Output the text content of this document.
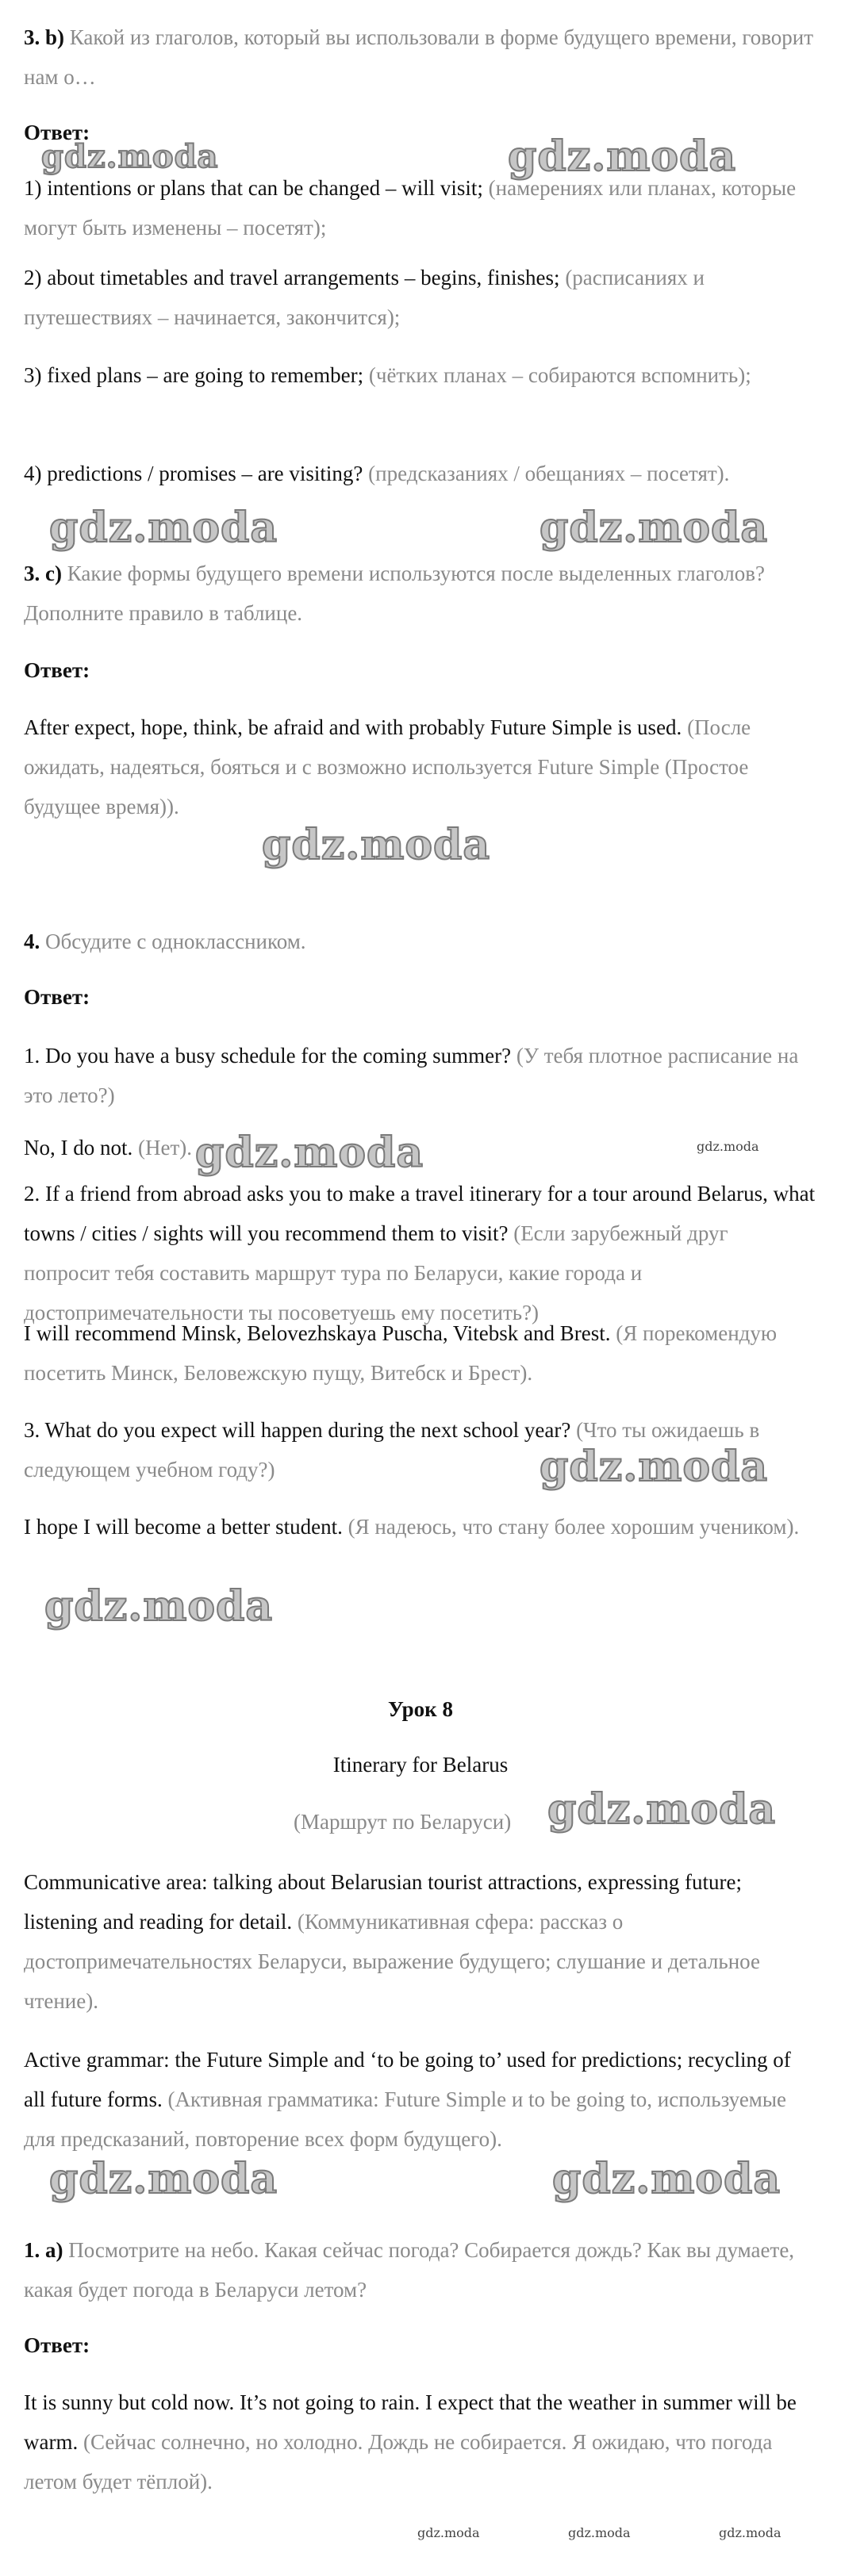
3. b) Какой из глаголов, который вы использовали в форме будущего времени, говорит нам о…

Ответ:

1) intentions or plans that can be changed – will visit; (намерениях или планах, которые могут быть изменены – посетят);

2) about timetables and travel arrangements – begins, finishes; (расписаниях и путешествиях – начинается, закончится);

3) fixed plans – are going to remember; (чётких планах – собираются вспомнить);

4) predictions / promises – are visiting? (предсказаниях / обещаниях – посетят).

3. c) Какие формы будущего времени используются после выделенных глаголов? Дополните правило в таблице.

Ответ:

After expect, hope, think, be afraid and with probably Future Simple is used. (После ожидать, надеяться, бояться и с возможно используется Future Simple (Простое будущее время)).

4. Обсудите с одноклассником.

Ответ:

1. Do you have a busy schedule for the coming summer? (У тебя плотное расписание на это лето?)

No, I do not. (Нет).

2. If a friend from abroad asks you to make a travel itinerary for a tour around Belarus, what towns / cities / sights will you recommend them to visit? (Если зарубежный друг попросит тебя составить маршрут тура по Беларуси, какие города и достопримечательности ты посоветуешь ему посетить?)

I will recommend Minsk, Belovezhskaya Puscha, Vitebsk and Brest. (Я порекомендую посетить Минск, Беловежскую пущу, Витебск и Брест).

3. What do you expect will happen during the next school year? (Что ты ожидаешь в следующем учебном году?)

I hope I will become a better student. (Я надеюсь, что стану более хорошим учеником).

Урок 8

Itinerary for Belarus

(Маршрут по Беларуси)

Communicative area: talking about Belarusian tourist attractions, expressing future; listening and reading for detail. (Коммуникативная сфера: рассказ о достопримечательностях Беларуси, выражение будущего; слушание и детальное чтение).

Active grammar: the Future Simple and ‘to be going to’ used for predictions; recycling of all future forms. (Активная грамматика: Future Simple и to be going to, используемые для предсказаний, повторение всех форм будущего).

1. a) Посмотрите на небо. Какая сейчас погода? Собирается дождь? Как вы думаете, какая будет погода в Беларуси летом?

Ответ:

It is sunny but cold now. It’s not going to rain. I expect that the weather in summer will be warm. (Сейчас солнечно, но холодно. Дождь не собирается. Я ожидаю, что погода летом будет тёплой).

gdz.moda	gdz.moda
gdz.moda	gdz.moda
gdz.moda
gdz.moda	gdz.moda
gdz.moda
gdz.moda
gdz.moda
gdz.moda	gdz.moda
gdz.moda	gdz.moda	gdz.moda
